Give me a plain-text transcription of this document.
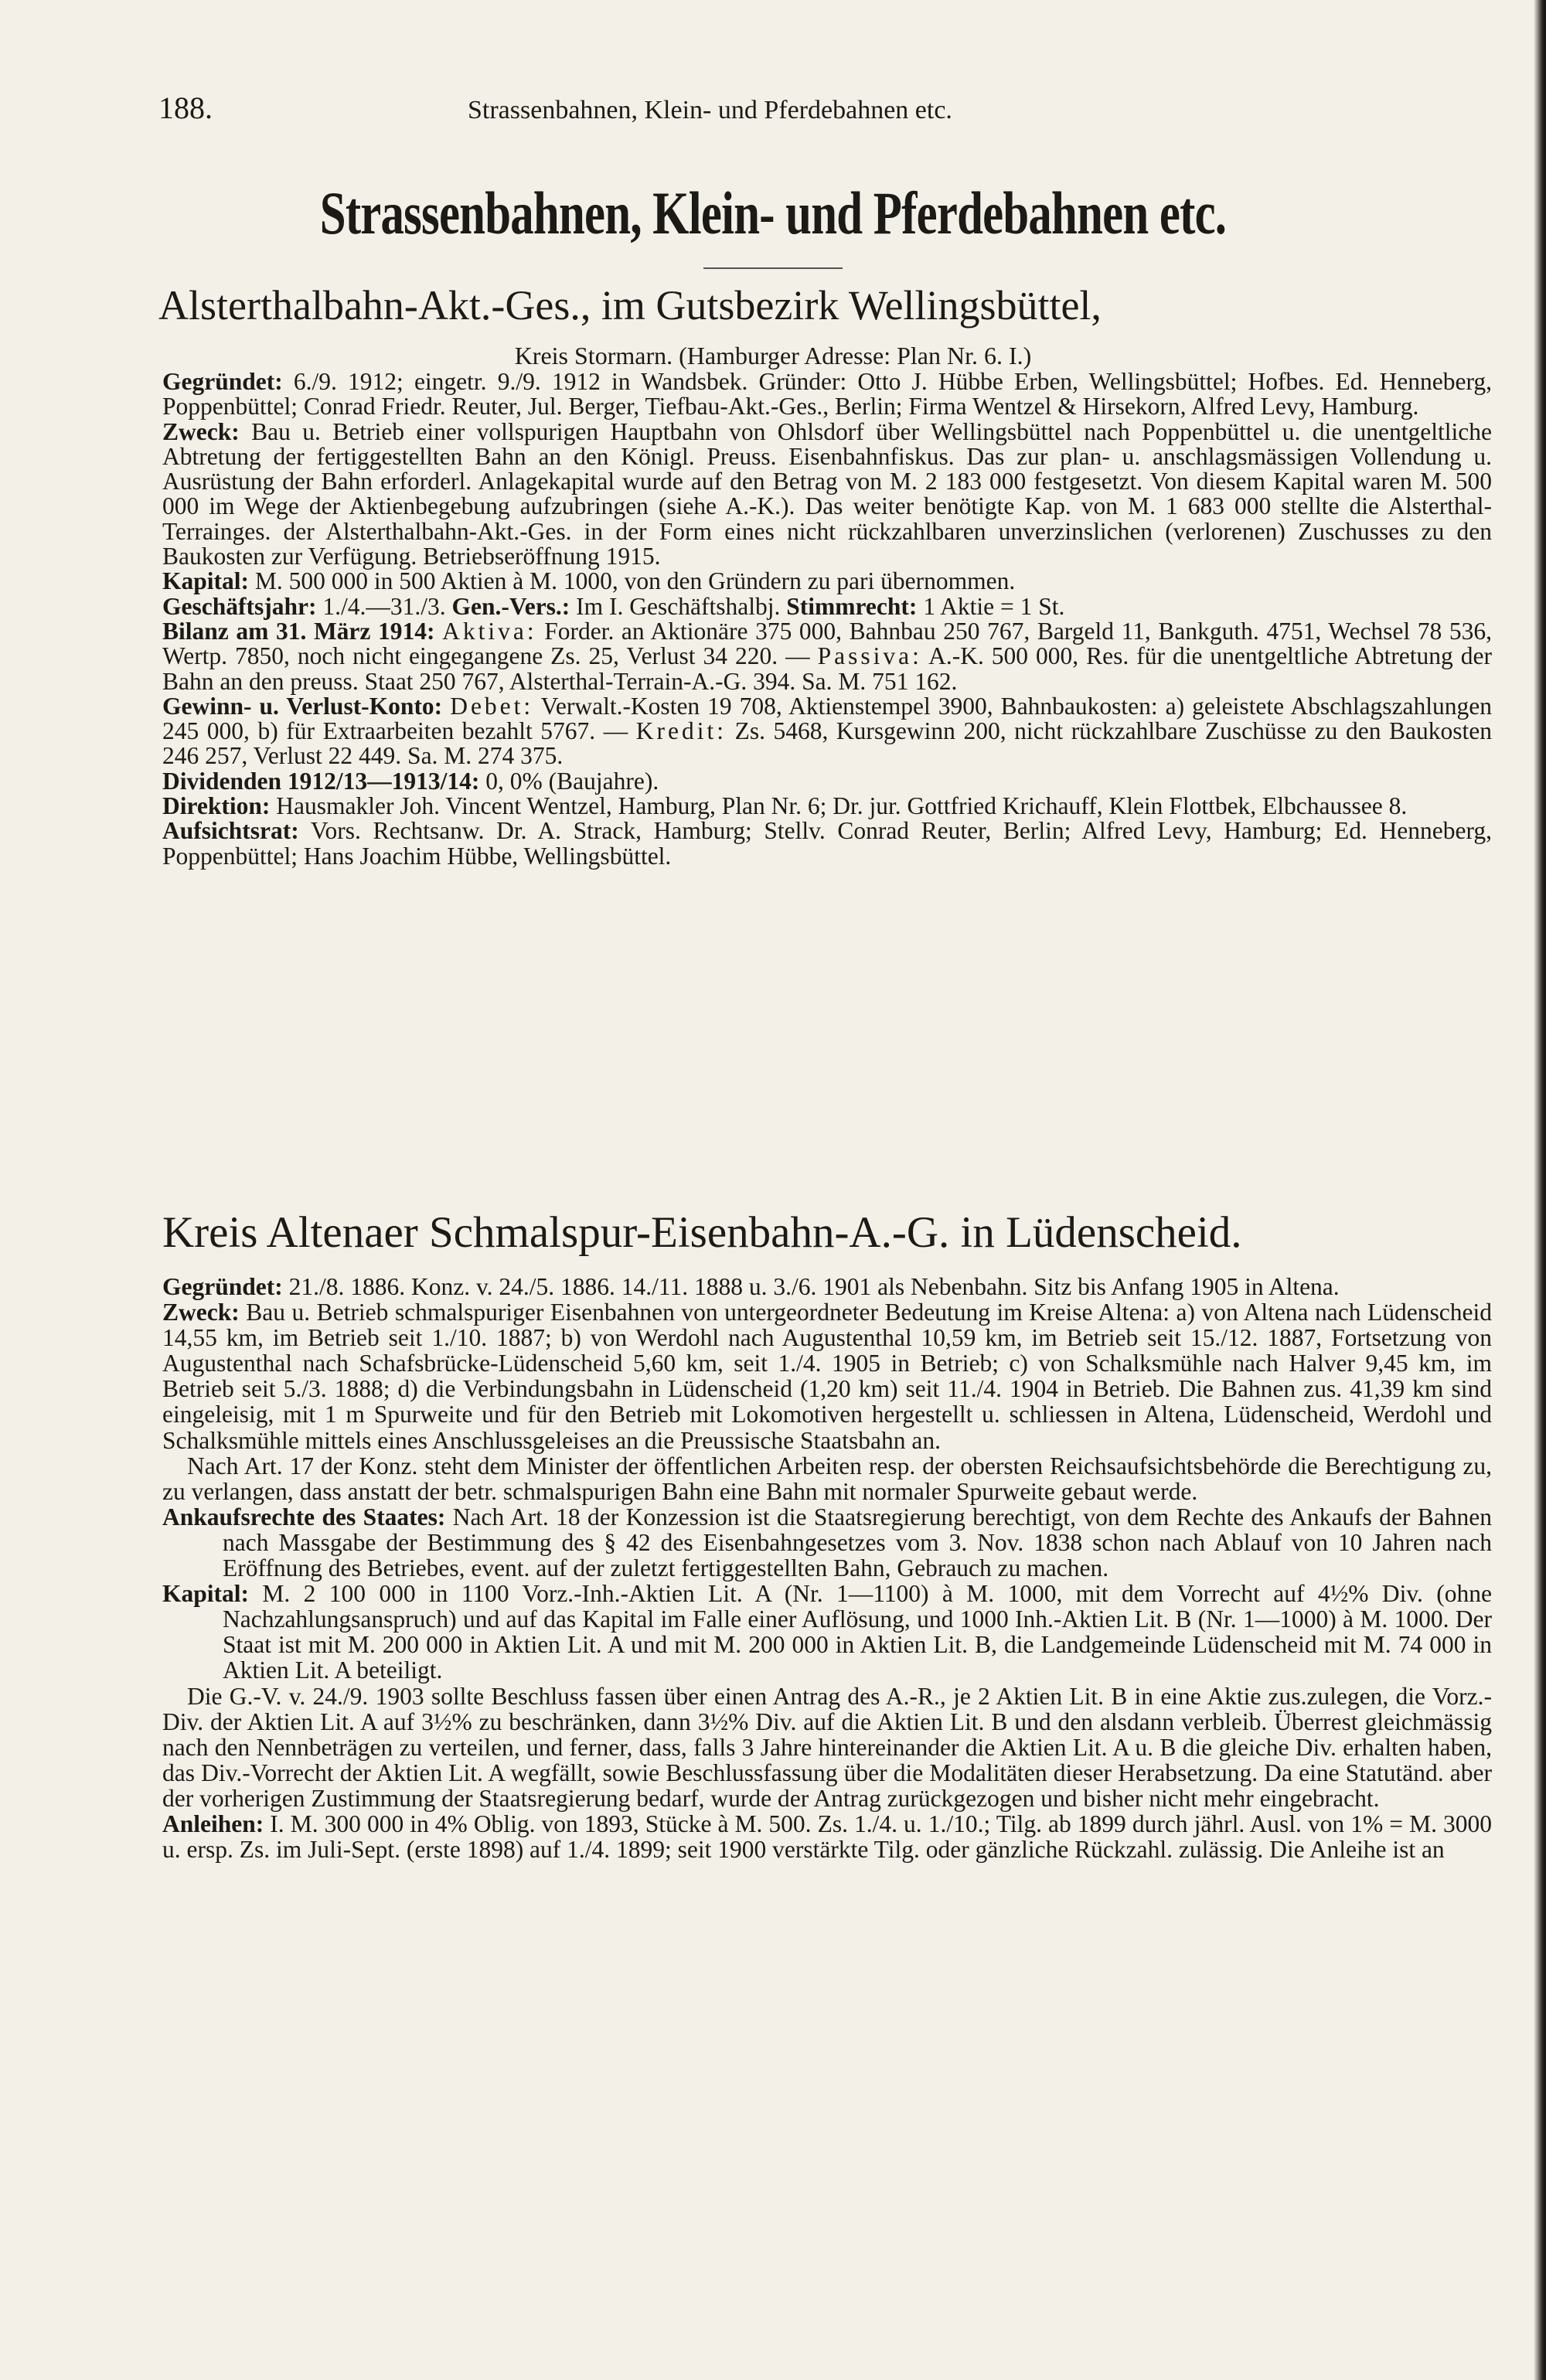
188.	Strassenbahnen, Klein- und Pferdebahnen etc.
Strassenbahnen, Klein- und Pferdebahnen etc.
Alsterthalbahn-Akt.-Ges., im Gutsbezirk Wellingsbüttel,
Kreis Stormarn. (Hamburger Adresse: Plan Nr. 6. I.)

Gegründet: 6./9. 1912; eingetr. 9./9. 1912 in Wandsbek. Gründer: Otto J. Hübbe Erben, Wellingsbüttel; Hofbes. Ed. Henneberg, Poppenbüttel; Conrad Friedr. Reuter, Jul. Berger, Tiefbau-Akt.-Ges., Berlin; Firma Wentzel & Hirsekorn, Alfred Levy, Hamburg.

Zweck: Bau u. Betrieb einer vollspurigen Hauptbahn von Ohlsdorf über Wellingsbüttel nach Poppenbüttel u. die unentgeltliche Abtretung der fertiggestellten Bahn an den Königl. Preuss. Eisenbahnfiskus. Das zur plan- u. anschlagsmässigen Vollendung u. Ausrüstung der Bahn erforderl. Anlagekapital wurde auf den Betrag von M. 2 183 000 festgesetzt. Von diesem Kapital waren M. 500 000 im Wege der Aktienbegebung aufzubringen (siehe A.-K.). Das weiter benötigte Kap. von M. 1 683 000 stellte die Alsterthal-Terrainges. der Alsterthalbahn-Akt.-Ges. in der Form eines nicht rückzahlbaren unverzinslichen (verlorenen) Zuschusses zu den Baukosten zur Verfügung. Betriebseröffnung 1915.

Kapital: M. 500 000 in 500 Aktien à M. 1000, von den Gründern zu pari übernommen.

Geschäftsjahr: 1./4.—31./3. Gen.-Vers.: Im I. Geschäftshalbj. Stimmrecht: 1 Aktie = 1 St.

Bilanz am 31. März 1914: Aktiva: Forder. an Aktionäre 375 000, Bahnbau 250 767, Bargeld 11, Bankguth. 4751, Wechsel 78 536, Wertp. 7850, noch nicht eingegangene Zs. 25, Verlust 34 220. — Passiva: A.-K. 500 000, Res. für die unentgeltliche Abtretung der Bahn an den preuss. Staat 250 767, Alsterthal-Terrain-A.-G. 394. Sa. M. 751 162.

Gewinn- u. Verlust-Konto: Debet: Verwalt.-Kosten 19 708, Aktienstempel 3900, Bahnbaukosten: a) geleistete Abschlagszahlungen 245 000, b) für Extraarbeiten bezahlt 5767. — Kredit: Zs. 5468, Kursgewinn 200, nicht rückzahlbare Zuschüsse zu den Baukosten 246 257, Verlust 22 449. Sa. M. 274 375.

Dividenden 1912/13—1913/14: 0, 0% (Baujahre).

Direktion: Hausmakler Joh. Vincent Wentzel, Hamburg, Plan Nr. 6; Dr. jur. Gottfried Krichauff, Klein Flottbek, Elbchaussee 8.

Aufsichtsrat: Vors. Rechtsanw. Dr. A. Strack, Hamburg; Stellv. Conrad Reuter, Berlin; Alfred Levy, Hamburg; Ed. Henneberg, Poppenbüttel; Hans Joachim Hübbe, Wellingsbüttel.

Kreis Altenaer Schmalspur-Eisenbahn-A.-G. in Lüdenscheid.

Gegründet: 21./8. 1886. Konz. v. 24./5. 1886. 14./11. 1888 u. 3./6. 1901 als Nebenbahn. Sitz bis Anfang 1905 in Altena.

Zweck: Bau u. Betrieb schmalspuriger Eisenbahnen von untergeordneter Bedeutung im Kreise Altena: a) von Altena nach Lüdenscheid 14,55 km, im Betrieb seit 1./10. 1887; b) von Werdohl nach Augustenthal 10,59 km, im Betrieb seit 15./12. 1887, Fortsetzung von Augustenthal nach Schafsbrücke-Lüdenscheid 5,60 km, seit 1./4. 1905 in Betrieb; c) von Schalksmühle nach Halver 9,45 km, im Betrieb seit 5./3. 1888; d) die Verbindungsbahn in Lüdenscheid (1,20 km) seit 11./4. 1904 in Betrieb. Die Bahnen zus. 41,39 km sind eingeleisig, mit 1 m Spurweite und für den Betrieb mit Lokomotiven hergestellt u. schliessen in Altena, Lüdenscheid, Werdohl und Schalksmühle mittels eines Anschlussgeleises an die Preussische Staatsbahn an.

Nach Art. 17 der Konz. steht dem Minister der öffentlichen Arbeiten resp. der obersten Reichsaufsichtsbehörde die Berechtigung zu, zu verlangen, dass anstatt der betr. schmalspurigen Bahn eine Bahn mit normaler Spurweite gebaut werde.

Ankaufsrechte des Staates: Nach Art. 18 der Konzession ist die Staatsregierung berechtigt, von dem Rechte des Ankaufs der Bahnen nach Massgabe der Bestimmung des § 42 des Eisenbahngesetzes vom 3. Nov. 1838 schon nach Ablauf von 10 Jahren nach Eröffnung des Betriebes, event. auf der zuletzt fertiggestellten Bahn, Gebrauch zu machen.

Kapital: M. 2 100 000 in 1100 Vorz.-Inh.-Aktien Lit. A (Nr. 1—1100) à M. 1000, mit dem Vorrecht auf 4½% Div. (ohne Nachzahlungsanspruch) und auf das Kapital im Falle einer Auflösung, und 1000 Inh.-Aktien Lit. B (Nr. 1—1000) à M. 1000. Der Staat ist mit M. 200 000 in Aktien Lit. A und mit M. 200 000 in Aktien Lit. B, die Landgemeinde Lüdenscheid mit M. 74 000 in Aktien Lit. A beteiligt.

Die G.-V. v. 24./9. 1903 sollte Beschluss fassen über einen Antrag des A.-R., je 2 Aktien Lit. B in eine Aktie zus.zulegen, die Vorz.-Div. der Aktien Lit. A auf 3½% zu beschränken, dann 3½% Div. auf die Aktien Lit. B und den alsdann verbleib. Überrest gleichmässig nach den Nennbeträgen zu verteilen, und ferner, dass, falls 3 Jahre hintereinander die Aktien Lit. A u. B die gleiche Div. erhalten haben, das Div.-Vorrecht der Aktien Lit. A wegfällt, sowie Beschlussfassung über die Modalitäten dieser Herabsetzung. Da eine Statutänd. aber der vorherigen Zustimmung der Staatsregierung bedarf, wurde der Antrag zurückgezogen und bisher nicht mehr eingebracht.

Anleihen: I. M. 300 000 in 4% Oblig. von 1893, Stücke à M. 500. Zs. 1./4. u. 1./10.; Tilg. ab 1899 durch jährl. Ausl. von 1% = M. 3000 u. ersp. Zs. im Juli-Sept. (erste 1898) auf 1./4. 1899; seit 1900 verstärkte Tilg. oder gänzliche Rückzahl. zulässig. Die Anleihe ist an
